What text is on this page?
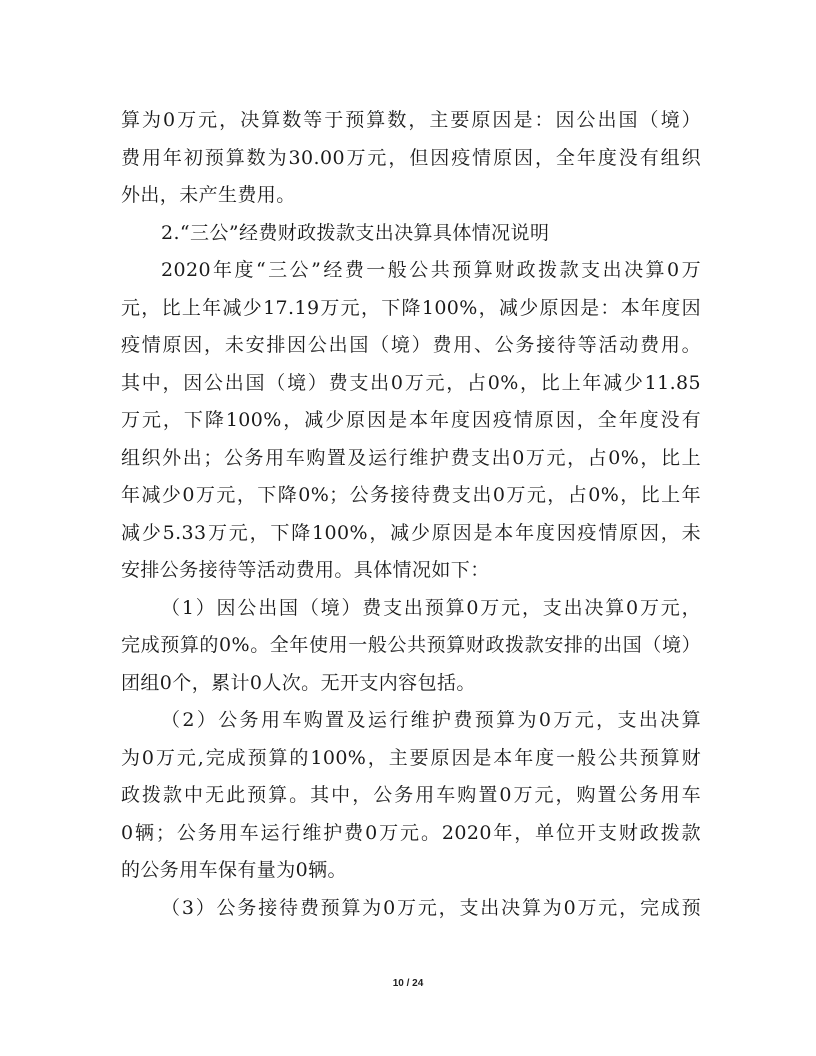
算为0万元，决算数等于预算数，主要原因是：因公出国（境）
费用年初预算数为30.00万元，但因疫情原因，全年度没有组织
外出，未产生费用。
2.“三公”经费财政拨款支出决算具体情况说明
2020年度“三公”经费一般公共预算财政拨款支出决算0万
元，比上年减少17.19万元，下降100%，减少原因是：本年度因
疫情原因，未安排因公出国（境）费用、公务接待等活动费用。
其中，因公出国（境）费支出0万元，占0%，比上年减少11.85
万元，下降100%，减少原因是本年度因疫情原因，全年度没有
组织外出；公务用车购置及运行维护费支出0万元，占0%，比上
年减少0万元，下降0%；公务接待费支出0万元，占0%，比上年
减少5.33万元，下降100%，减少原因是本年度因疫情原因，未
安排公务接待等活动费用。具体情况如下：
（1）因公出国（境）费支出预算0万元，支出决算0万元，
完成预算的0%。全年使用一般公共预算财政拨款安排的出国（境）
团组0个，累计0人次。无开支内容包括。
（2）公务用车购置及运行维护费预算为0万元，支出决算
为0万元,完成预算的100%，主要原因是本年度一般公共预算财
政拨款中无此预算。其中，公务用车购置0万元，购置公务用车
0辆；公务用车运行维护费0万元。2020年，单位开支财政拨款
的公务用车保有量为0辆。
（3）公务接待费预算为0万元，支出决算为0万元，完成预
10 / 24
